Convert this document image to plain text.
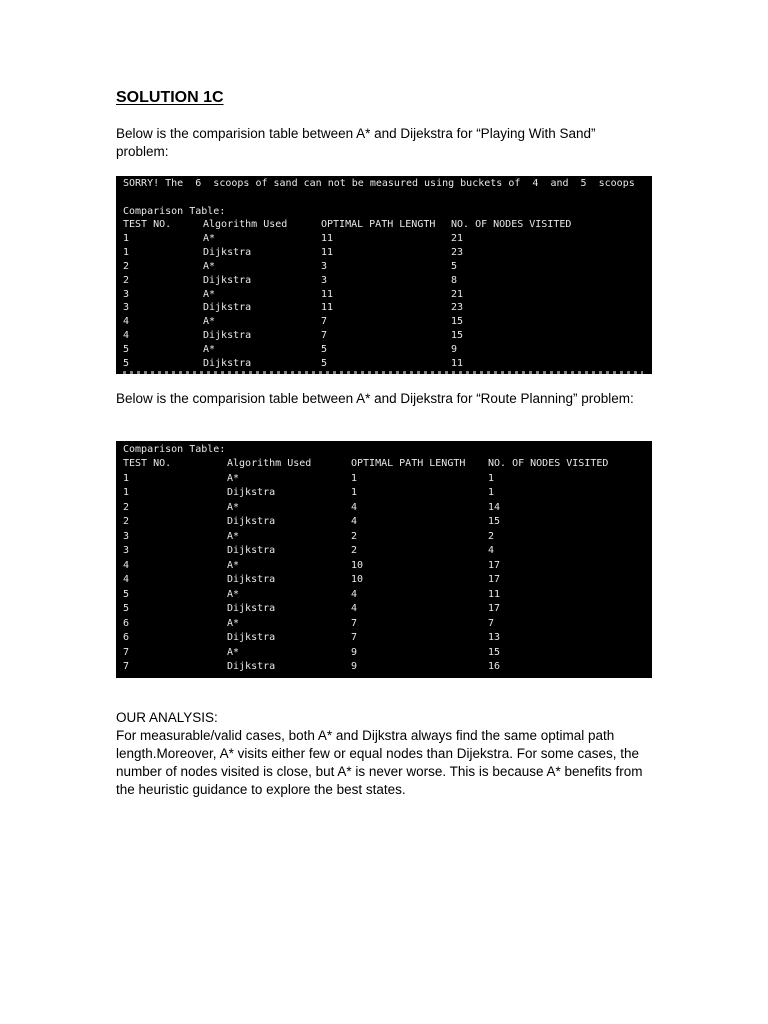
SOLUTION 1C
Below is the comparision table between A* and Dijekstra for “Playing With Sand” problem:
SORRY! The  6  scoops of sand can not be measured using buckets of  4  and  5  scoops
Comparison Table:
TEST NO.	Algorithm Used	OPTIMAL PATH LENGTH NO. OF NODES VISITED
1	A*	11	21
1	Dijkstra	11	23
2	A*	3	5
2	Dijkstra	3	8
3	A*	11	21
3	Dijkstra	11	23
4	A*	7	15
4	Dijkstra	7	15
5	A*	5	9
5	Dijkstra	5	11
Below is the comparision table between A* and Dijekstra for “Route Planning” problem:
Comparison Table:
TEST NO.	Algorithm Used	OPTIMAL PATH LENGTH NO. OF NODES VISITED
1	A*	1	1
1	Dijkstra	1	1
2	A*	4	14
2	Dijkstra	4	15
3	A*	2	2
3	Dijkstra	2	4
4	A*	10	17
4	Dijkstra	10	17
5	A*	4	11
5	Dijkstra	4	17
6	A*	7	7
6	Dijkstra	7	13
7	A*	9	15
7	Dijkstra	9	16
OUR ANALYSIS:
For measurable/valid cases, both A* and Dijkstra always find the same optimal path length.Moreover, A* visits either few or equal nodes than Dijekstra. For some cases, the number of nodes visited is close, but A* is never worse. This is because A* benefits from the heuristic guidance to explore the best states.
